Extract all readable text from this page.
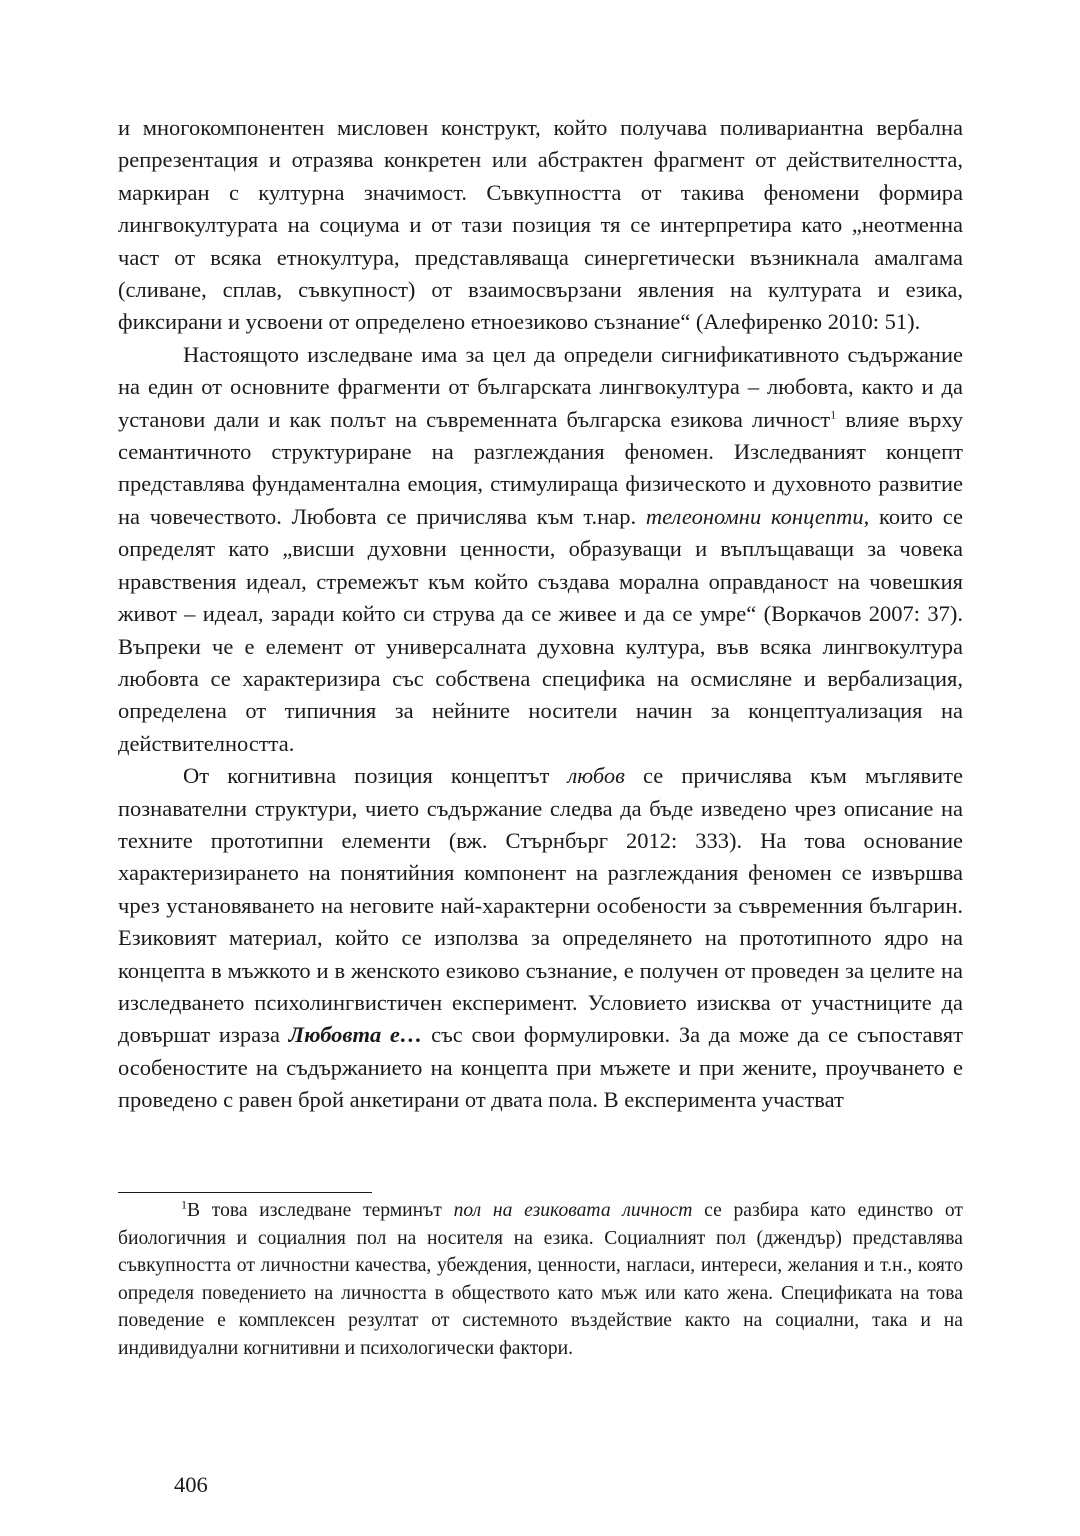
и многокомпонентен мисловен конструкт, който получава поливариантна вербална репрезентация и отразява конкретен или абстрактен фрагмент от действителността, маркиран с културна значимост. Съвкупността от такива феномени формира лингвокултурата на социума и от тази позиция тя се интерпретира като „неотменна част от всяка етнокултура, представляваща синергетически възникнала амалгама (сливане, сплав, съвкупност) от взаимосвързани явления на културата и езика, фиксирани и усвоени от определено етноезиково съзнание“ (Алефиренко 2010: 51).

Настоящото изследване има за цел да определи сигнификативното съдържание на един от основните фрагменти от българската лингвокултура – любовта, както и да установи дали и как полът на съвременната българска езикова личност$^1$ влияе върху семантичното структуриране на разглеждания феномен. Изследваният концепт представлява фундаментална емоция, стимулираща физическото и духовното развитие на човечеството. Любовта се причислява към т.нар. телеономни концепти, които се определят като „висши духовни ценности, образуващи и въплъщаващи за човека нравствения идеал, стремежът към който създава морална оправданост на човешкия живот – идеал, заради който си струва да се живее и да се умре“ (Воркачов 2007: 37). Въпреки че е елемент от универсалната духовна култура, във всяка лингвокултура любовта се характеризира със собствена специфика на осмисляне и вербализация, определена от типичния за нейните носители начин за концептуализация на действителността.

От когнитивна позиция концептът любов се причислява към мъглявите познавателни структури, чието съдържание следва да бъде изведено чрез описание на техните прототипни елементи (вж. Стърнбърг 2012: 333). На това основание характеризирането на понятийния компонент на разглеждания феномен се извършва чрез установяването на неговите най-характерни особености за съвременния българин. Езиковият материал, който се използва за определянето на прототипното ядро на концепта в мъжкото и в женското езиково съзнание, е получен от проведен за целите на изследването психолингвистичен експеримент. Условието изисква от участниците да довършат израза Любовта е… със свои формулировки. За да може да се съпоставят особеностите на съдържанието на концепта при мъжете и при жените, проучването е проведено с равен брой анкетирани от двата пола. В експеримента участват

$^1$В това изследване терминът пол на езиковата личност се разбира като единство от биологичния и социалния пол на носителя на езика. Социалният пол (джендър) представлява съвкупността от личностни качества, убеждения, ценности, нагласи, интереси, желания и т.н., която определя поведението на личността в обществото като мъж или като жена. Спецификата на това поведение е комплексен резултат от системното въздействие както на социални, така и на индивидуални когнитивни и психологически фактори.

406
